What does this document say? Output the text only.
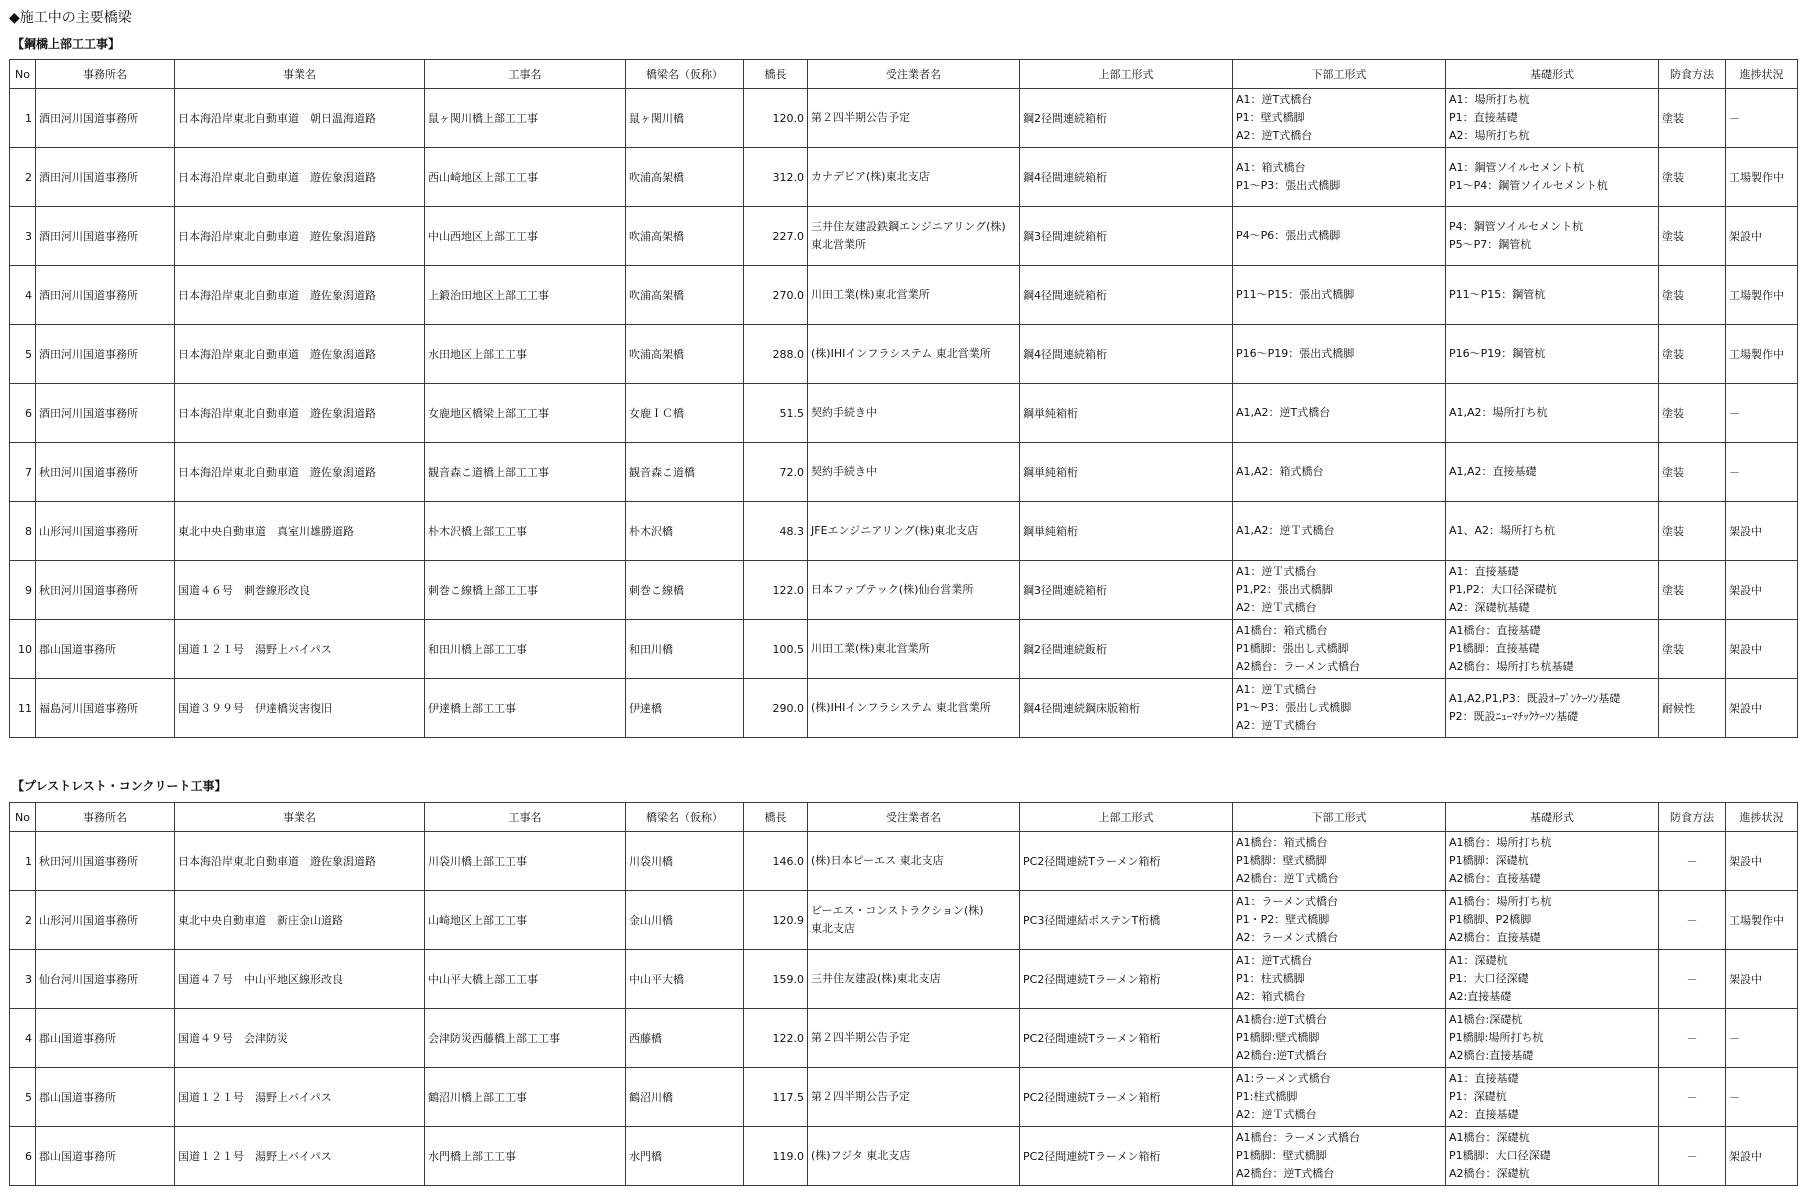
◆施工中の主要橋梁
【鋼橋上部工工事】
No	事務所名	事業名	工事名	橋梁名（仮称）	橋長	受注業者名	上部工形式	下部工形式	基礎形式	防食方法	進捗状況
1	酒田河川国道事務所	日本海沿岸東北自動車道　朝日温海道路	鼠ヶ関川橋上部工工事	鼠ヶ関川橋	120.0	第２四半期公告予定	鋼2径間連続箱桁	A1：逆T式橋台
P1：壁式橋脚
A2：逆T式橋台	A1：場所打ち杭
P1：直接基礎
A2：場所打ち杭	塗装	－
2	酒田河川国道事務所	日本海沿岸東北自動車道　遊佐象潟道路	西山崎地区上部工工事	吹浦高架橋	312.0	カナデビア(株)東北支店	鋼4径間連続箱桁	A1：箱式橋台
P1～P3：張出式橋脚	A1：鋼管ソイルセメント杭
P1～P4：鋼管ソイルセメント杭	塗装	工場製作中
3	酒田河川国道事務所	日本海沿岸東北自動車道　遊佐象潟道路	中山西地区上部工工事	吹浦高架橋	227.0	三井住友建設鉄鋼エンジニアリング(株)
東北営業所	鋼3径間連続箱桁	P4～P6：張出式橋脚	P4：鋼管ソイルセメント杭
P5～P7：鋼管杭	塗装	架設中
4	酒田河川国道事務所	日本海沿岸東北自動車道　遊佐象潟道路	上鍛治田地区上部工工事	吹浦高架橋	270.0	川田工業(株)東北営業所	鋼4径間連続箱桁	P11～P15：張出式橋脚	P11～P15：鋼管杭	塗装	工場製作中
5	酒田河川国道事務所	日本海沿岸東北自動車道　遊佐象潟道路	水田地区上部工工事	吹浦高架橋	288.0	(株)IHIインフラシステム 東北営業所	鋼4径間連続箱桁	P16～P19：張出式橋脚	P16～P19：鋼管杭	塗装	工場製作中
6	酒田河川国道事務所	日本海沿岸東北自動車道　遊佐象潟道路	女鹿地区橋梁上部工工事	女鹿ＩＣ橋	51.5	契約手続き中	鋼単純箱桁	A1,A2：逆T式橋台	A1,A2：場所打ち杭	塗装	－
7	秋田河川国道事務所	日本海沿岸東北自動車道　遊佐象潟道路	観音森こ道橋上部工工事	観音森こ道橋	72.0	契約手続き中	鋼単純箱桁	A1,A2：箱式橋台	A1,A2：直接基礎	塗装	－
8	山形河川国道事務所	東北中央自動車道　真室川雄勝道路	朴木沢橋上部工工事	朴木沢橋	48.3	JFEエンジニアリング(株)東北支店	鋼単純箱桁	A1,A2：逆Ｔ式橋台	A1、A2：場所打ち杭	塗装	架設中
9	秋田河川国道事務所	国道４６号　刺巻線形改良	刺巻こ線橋上部工工事	刺巻こ線橋	122.0	日本ファブテック(株)仙台営業所	鋼3径間連続箱桁	A1：逆Ｔ式橋台
P1,P2：張出式橋脚
A2：逆Ｔ式橋台	A1：直接基礎
P1,P2：大口径深礎杭
A2：深礎杭基礎	塗装	架設中
10	郡山国道事務所	国道１２１号　湯野上バイパス	和田川橋上部工工事	和田川橋	100.5	川田工業(株)東北営業所	鋼2径間連続鈑桁	A1橋台：箱式橋台
P1橋脚：張出し式橋脚
A2橋台：ラーメン式橋台	A1橋台：直接基礎
P1橋脚：直接基礎
A2橋台：場所打ち杭基礎	塗装	架設中
11	福島河川国道事務所	国道３９９号　伊達橋災害復旧	伊達橋上部工工事	伊達橋	290.0	(株)IHIインフラシステム 東北営業所	鋼4径間連続鋼床版箱桁	A1：逆Ｔ式橋台
P1～P3：張出し式橋脚
A2：逆Ｔ式橋台	A1,A2,P1,P3：既設ｵｰﾌﾟﾝｹｰｿﾝ基礎
P2：既設ﾆｭｰﾏﾁｯｸｹｰｿﾝ基礎	耐候性	架設中
【プレストレスト・コンクリート工事】
No	事務所名	事業名	工事名	橋梁名（仮称）	橋長	受注業者名	上部工形式	下部工形式	基礎形式	防食方法	進捗状況
1	秋田河川国道事務所	日本海沿岸東北自動車道　遊佐象潟道路	川袋川橋上部工工事	川袋川橋	146.0	(株)日本ピーエス 東北支店	PC2径間連続Tラーメン箱桁	A1橋台：箱式橋台
P1橋脚：壁式橋脚
A2橋台：逆Ｔ式橋台	A1橋台：場所打ち杭
P1橋脚：深礎杭
A2橋台：直接基礎	－	架設中
2	山形河川国道事務所	東北中央自動車道　新庄金山道路	山崎地区上部工工事	金山川橋	120.9	ピーエス・コンストラクション(株)
東北支店	PC3径間連結ポステンT桁橋	A1：ラーメン式橋台
P1・P2：壁式橋脚
A2：ラーメン式橋台	A1橋台：場所打ち杭
P1橋脚、P2橋脚
A2橋台：直接基礎	－	工場製作中
3	仙台河川国道事務所	国道４７号　中山平地区線形改良	中山平大橋上部工工事	中山平大橋	159.0	三井住友建設(株)東北支店	PC2径間連続Tラーメン箱桁	A1：逆T式橋台
P1：柱式橋脚
A2：箱式橋台	A1：深礎杭
P1：大口径深礎
A2:直接基礎	－	架設中
4	郡山国道事務所	国道４９号　会津防災	会津防災西藤橋上部工工事	西藤橋	122.0	第２四半期公告予定	PC2径間連続Tラーメン箱桁	A1橋台:逆T式橋台
P1橋脚:壁式橋脚
A2橋台:逆T式橋台	A1橋台:深礎杭
P1橋脚:場所打ち杭
A2橋台:直接基礎	－	－
5	郡山国道事務所	国道１２１号　湯野上バイパス	鶴沼川橋上部工工事	鶴沼川橋	117.5	第２四半期公告予定	PC2径間連続Tラーメン箱桁	A1:ラーメン式橋台
P1:柱式橋脚
A2：逆Ｔ式橋台	A1：直接基礎
P1：深礎杭
A2：直接基礎	－	－
6	郡山国道事務所	国道１２１号　湯野上バイパス	水門橋上部工工事	水門橋	119.0	(株)フジタ 東北支店	PC2径間連続Tラーメン箱桁	A1橋台：ラーメン式橋台
P1橋脚：壁式橋脚
A2橋台：逆T式橋台	A1橋台：深礎杭
P1橋脚：大口径深礎
A2橋台：深礎杭	－	架設中
